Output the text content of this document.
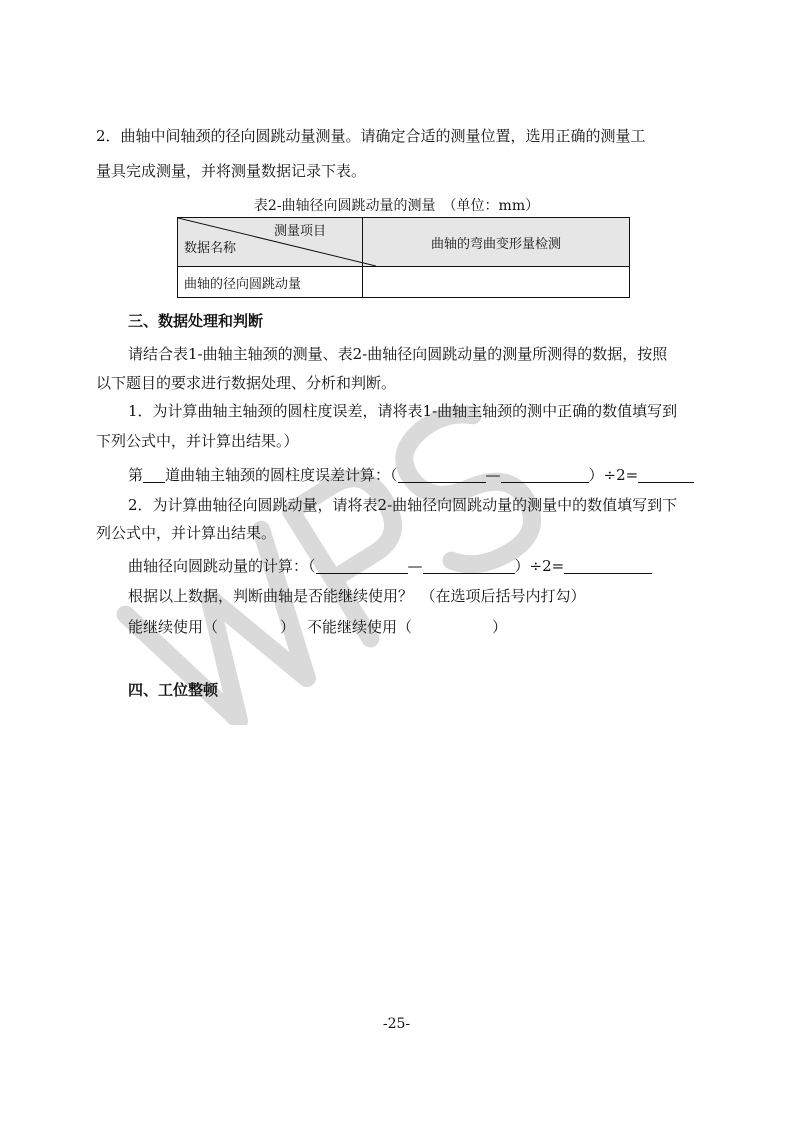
2．曲轴中间轴颈的径向圆跳动量测量。请确定合适的测量位置，选用正确的测量工
量具完成测量，并将测量数据记录下表。
表2-曲轴径向圆跳动量的测量　（单位：mm）
测量项目
数据名称	曲轴的弯曲变形量检测
曲轴的径向圆跳动量	
三、数据处理和判断
请结合表1-曲轴主轴颈的测量、表2-曲轴径向圆跳动量的测量所测得的数据，按照
以下题目的要求进行数据处理、分析和判断。
1．为计算曲轴主轴颈的圆柱度误差，请将表1-曲轴主轴颈的测中正确的数值填写到
下列公式中，并计算出结果。）
第 道曲轴主轴颈的圆柱度误差计算：（	—	）÷2=
2．为计算曲轴径向圆跳动量，请将表2-曲轴径向圆跳动量的测量中的数值填写到下
列公式中，并计算出结果。
曲轴径向圆跳动量的计算：（	—	）÷2=
根据以上数据，判断曲轴是否能继续使用？　（在选项后括号内打勾）
能继续使用（	） 不能继续使用（	）
四、工位整顿
-25-
